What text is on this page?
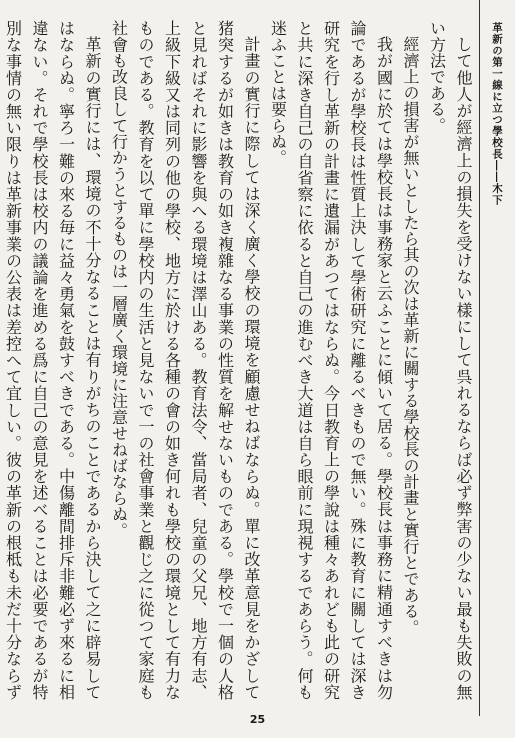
革新の第一線に立つ學校長――木下

して他人が經濟上の損失を受けない樣にして呉れるならば必ず弊害の少ない最も失敗の無い方法である。

經濟上の損害が無いとしたら其の次は革新に關する學校長の計畫と實行とである。

我が國に於ては學校長は事務家と云ふことに傾いて居る。學校長は事務に精通すべきは勿論であるが學校長は性質上決して學術研究に離るべきもので無い。殊に教育に關しては深き研究を行し革新の計畫に遺漏があつてはならぬ。今日教育上の學說は種々あれども此の研究と共に深き自己の自省察に依ると自己の進むべき大道は自ら眼前に現視するであらう。何も迷ふことは要らぬ。

計畫の實行に際しては深く廣く學校の環境を顧慮せねばならぬ。單に改革意見をかざして猪突するが如きは教育の如き複雜なる事業の性質を解せないものである。學校で一個の人格と見ればそれに影響を與へる環境は澤山ある。教育法令、當局者、兒童の父兄、地方有志、上級下級又は同列の他の學校、地方に於ける各種の會の如き何れも學校の環境として有力なものである。教育を以て單に學校内の生活と見ないで一の社會事業と觀じ之に從つて家庭も社會も改良して行かうとするものは一層廣く環境に注意せねばならぬ。

革新の實行には、環境の不十分なることは有りがちのことであるから決して之に辟易してはならぬ。寧ろ一難の來る毎に益々勇氣を鼓すべきである。中傷離間排斥非難必ず來るに相違ない。それで學校長は校内の議論を進める爲に自己の意見を述べることは必要であるが特別な事情の無い限りは革新事業の公表は差控へて宜しい。彼の革新の根柢も未だ十分ならず

25
